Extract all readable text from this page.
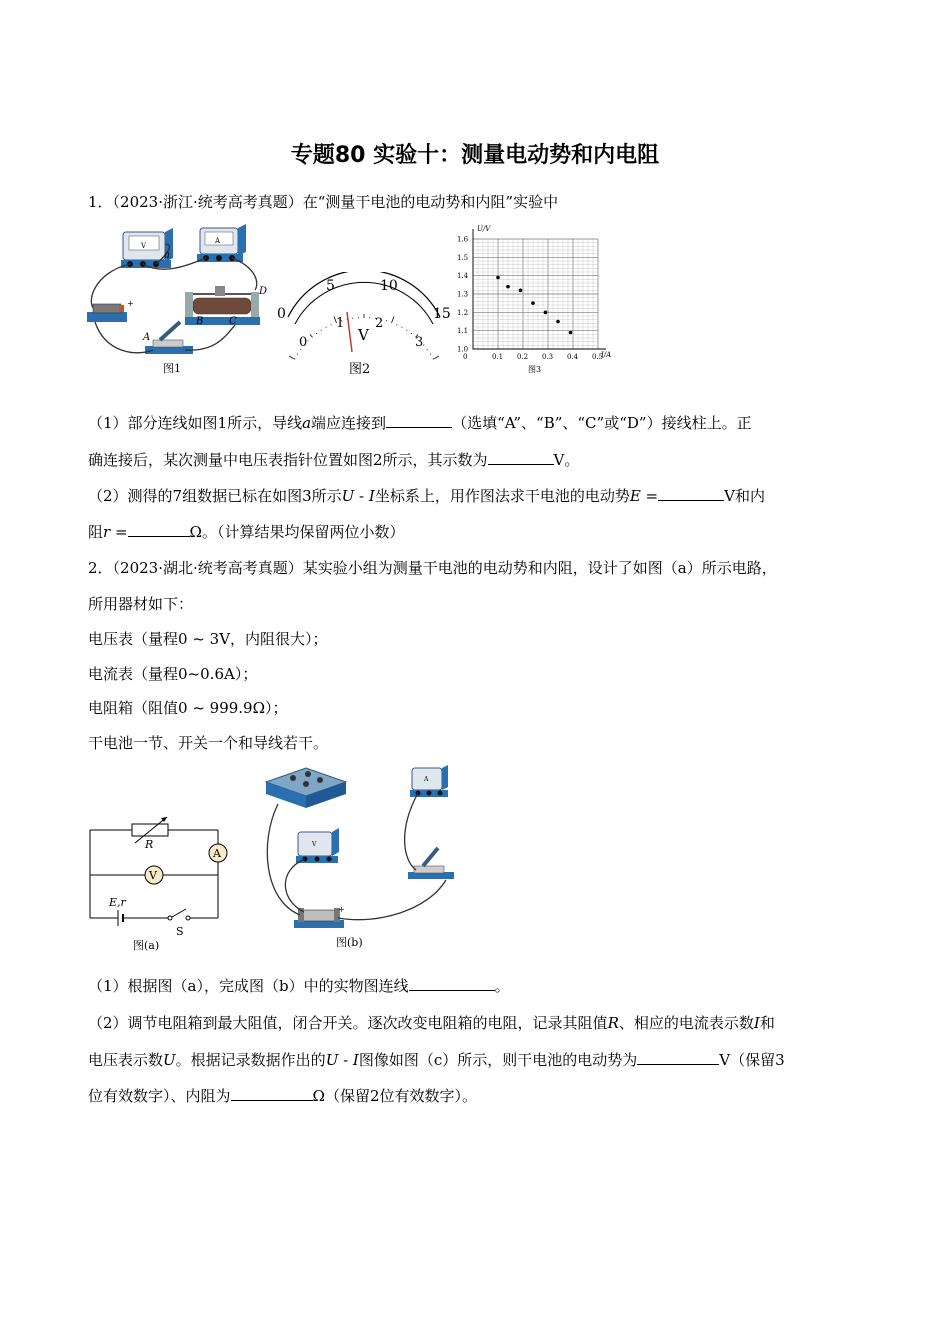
专题80 实验十：测量电动势和内电阻
1．（2023·浙江·统考高考真题）在“测量干电池的电动势和内阻”实验中
V
A
a
+
D
B	C
A
图1
0
5	10
15
0
1 2
3
V
图2
1.6
1.5
1.4
1.3
1.2
1.1
1.0
0	0.1 0.2 0.3 0.4 0.5
U/V
I/A
图3
（1）部分连线如图1所示，导线a端应连接到	（选填“A”、“B”、“C”或“D”）接线柱上。正
确连接后，某次测量中电压表指针位置如图2所示，其示数为	V。
（2）测得的7组数据已标在如图3所示U - I坐标系上，用作图法求干电池的电动势E =	V和内
阻r =	Ω。（计算结果均保留两位小数）
2．（2023·湖北·统考高考真题）某实验小组为测量干电池的电动势和内阻，设计了如图（a）所示电路，
所用器材如下：
电压表（量程0 ~ 3V，内阻很大）；
电流表（量程0~0.6A）；
电阻箱（阻值0 ~ 999.9Ω）；
干电池一节、开关一个和导线若干。
R
A
V
E,r
S
图(a)
V
A
+
图(b)
（1）根据图（a），完成图（b）中的实物图连线	。
（2）调节电阻箱到最大阻值，闭合开关。逐次改变电阻箱的电阻，记录其阻值R、相应的电流表示数I和
电压表示数U。根据记录数据作出的U - I图像如图（c）所示，则干电池的电动势为	V（保留3
位有效数字）、内阻为	Ω（保留2位有效数字）。
